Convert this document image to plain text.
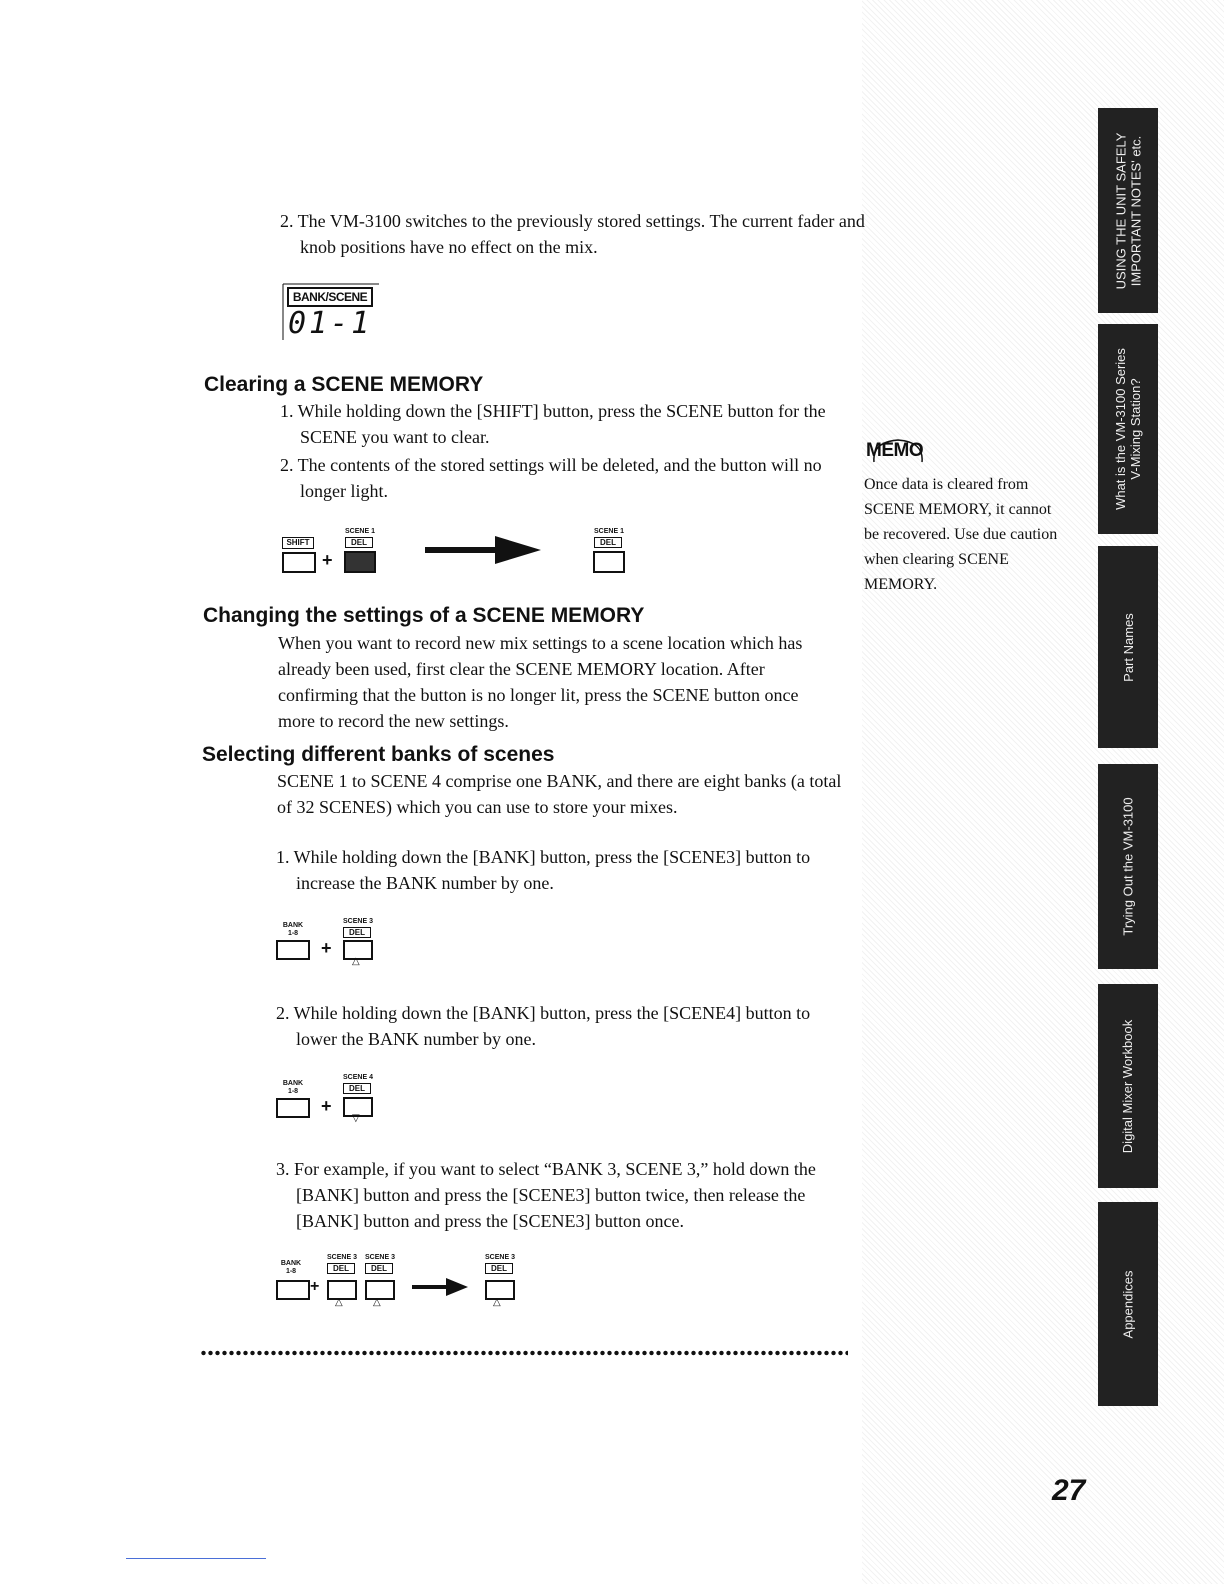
USING THE UNIT SAFELY
IMPORTANT NOTES' etc.
What is the VM-3100 Series
V-Mixing Station?
Part Names
Trying Out the VM-3100
Digital Mixer Workbook
Appendices
2. The VM-3100 switches to the previously stored settings. The current fader and knob positions have no effect on the mix.
BANK/SCENE
01-1
Clearing a SCENE MEMORY
1. While holding down the [SHIFT] button, press the SCENE button for the SCENE you want to clear.
2. The contents of the stored settings will be deleted, and the button will no longer light.
SHIFT
+
SCENE 1
DEL
SCENE 1
DEL
Changing the settings of a SCENE MEMORY
When you want to record new mix settings to a scene location which has already been used, first clear the SCENE MEMORY location. After confirming that the button is no longer lit, press the SCENE button once more to record the new settings.
Selecting different banks of scenes
SCENE 1 to SCENE 4 comprise one BANK, and there are eight banks (a total of 32 SCENES) which you can use to store your mixes.
1. While holding down the [BANK] button, press the [SCENE3] button to increase the BANK number by one.
BANK
1-8
+
SCENE 3
DEL
△
2. While holding down the [BANK] button, press the [SCENE4] button to lower the BANK number by one.
BANK
1-8
+
SCENE 4
DEL
▽
3. For example, if you want to select “BANK 3, SCENE 3,” hold down the [BANK] button and press the [SCENE3] button twice, then release the [BANK] button and press the [SCENE3] button once.
BANK
1-8
+
SCENE 3
DEL
△
SCENE 3
DEL
△
SCENE 3
DEL
△
MEMO
Once data is cleared from SCENE MEMORY, it cannot be recovered. Use due caution when clearing SCENE MEMORY.
27
